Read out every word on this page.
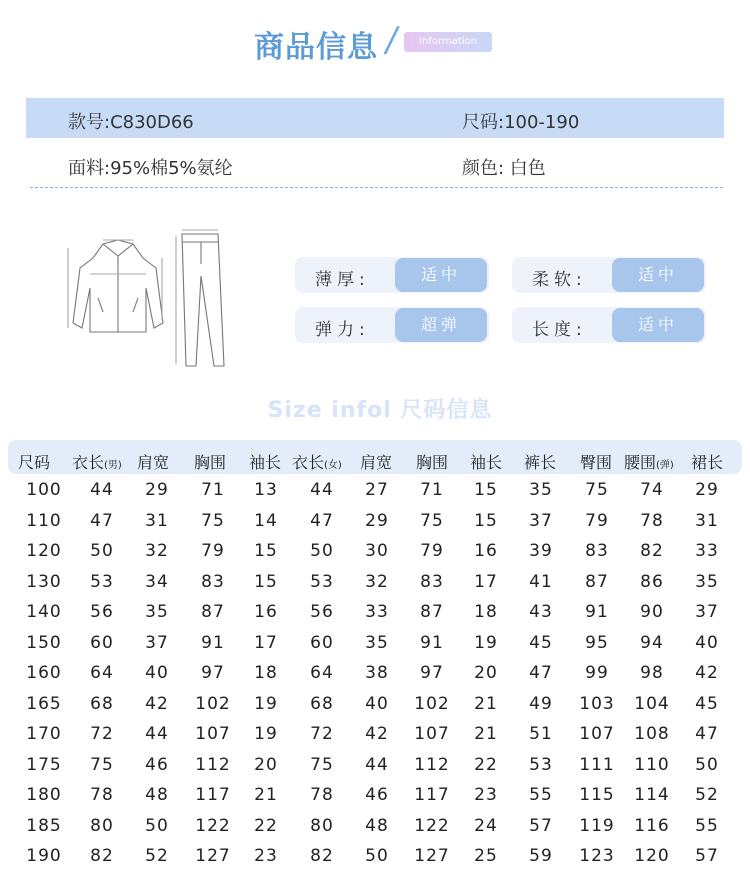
商品信息 /	Information
款号:C830D66	尺码:100-190
面料:95%棉5%氨纶	颜色: 白色
薄厚:	适中	柔软:	适中
弹力:	超弹	长度:	适中
Size infol 尺码信息
尺码 衣长(男) 肩宽 胸围 袖长 衣长(女) 肩宽 胸围 袖长 裤长 臀围 腰围(弹) 裙长
100	44	29	71	13	44	27	71	15	35	75	74	29
110	47	31	75	14	47	29	75	15	37	79	78	31
120	50	32	79	15	50	30	79	16	39	83	82	33
130	53	34	83	15	53	32	83	17	41	87	86	35
140	56	35	87	16	56	33	87	18	43	91	90	37
150	60	37	91	17	60	35	91	19	45	95	94	40
160	64	40	97	18	64	38	97	20	47	99	98	42
165	68	42	102	19	68	40	102	21	49	103	104	45
170	72	44	107	19	72	42	107	21	51	107	108	47
175	75	46	112	20	75	44	112	22	53	111	110	50
180	78	48	117	21	78	46	117	23	55	115	114	52
185	80	50	122	22	80	48	122	24	57	119	116	55
190	82	52	127	23	82	50	127	25	59	123	120	57
